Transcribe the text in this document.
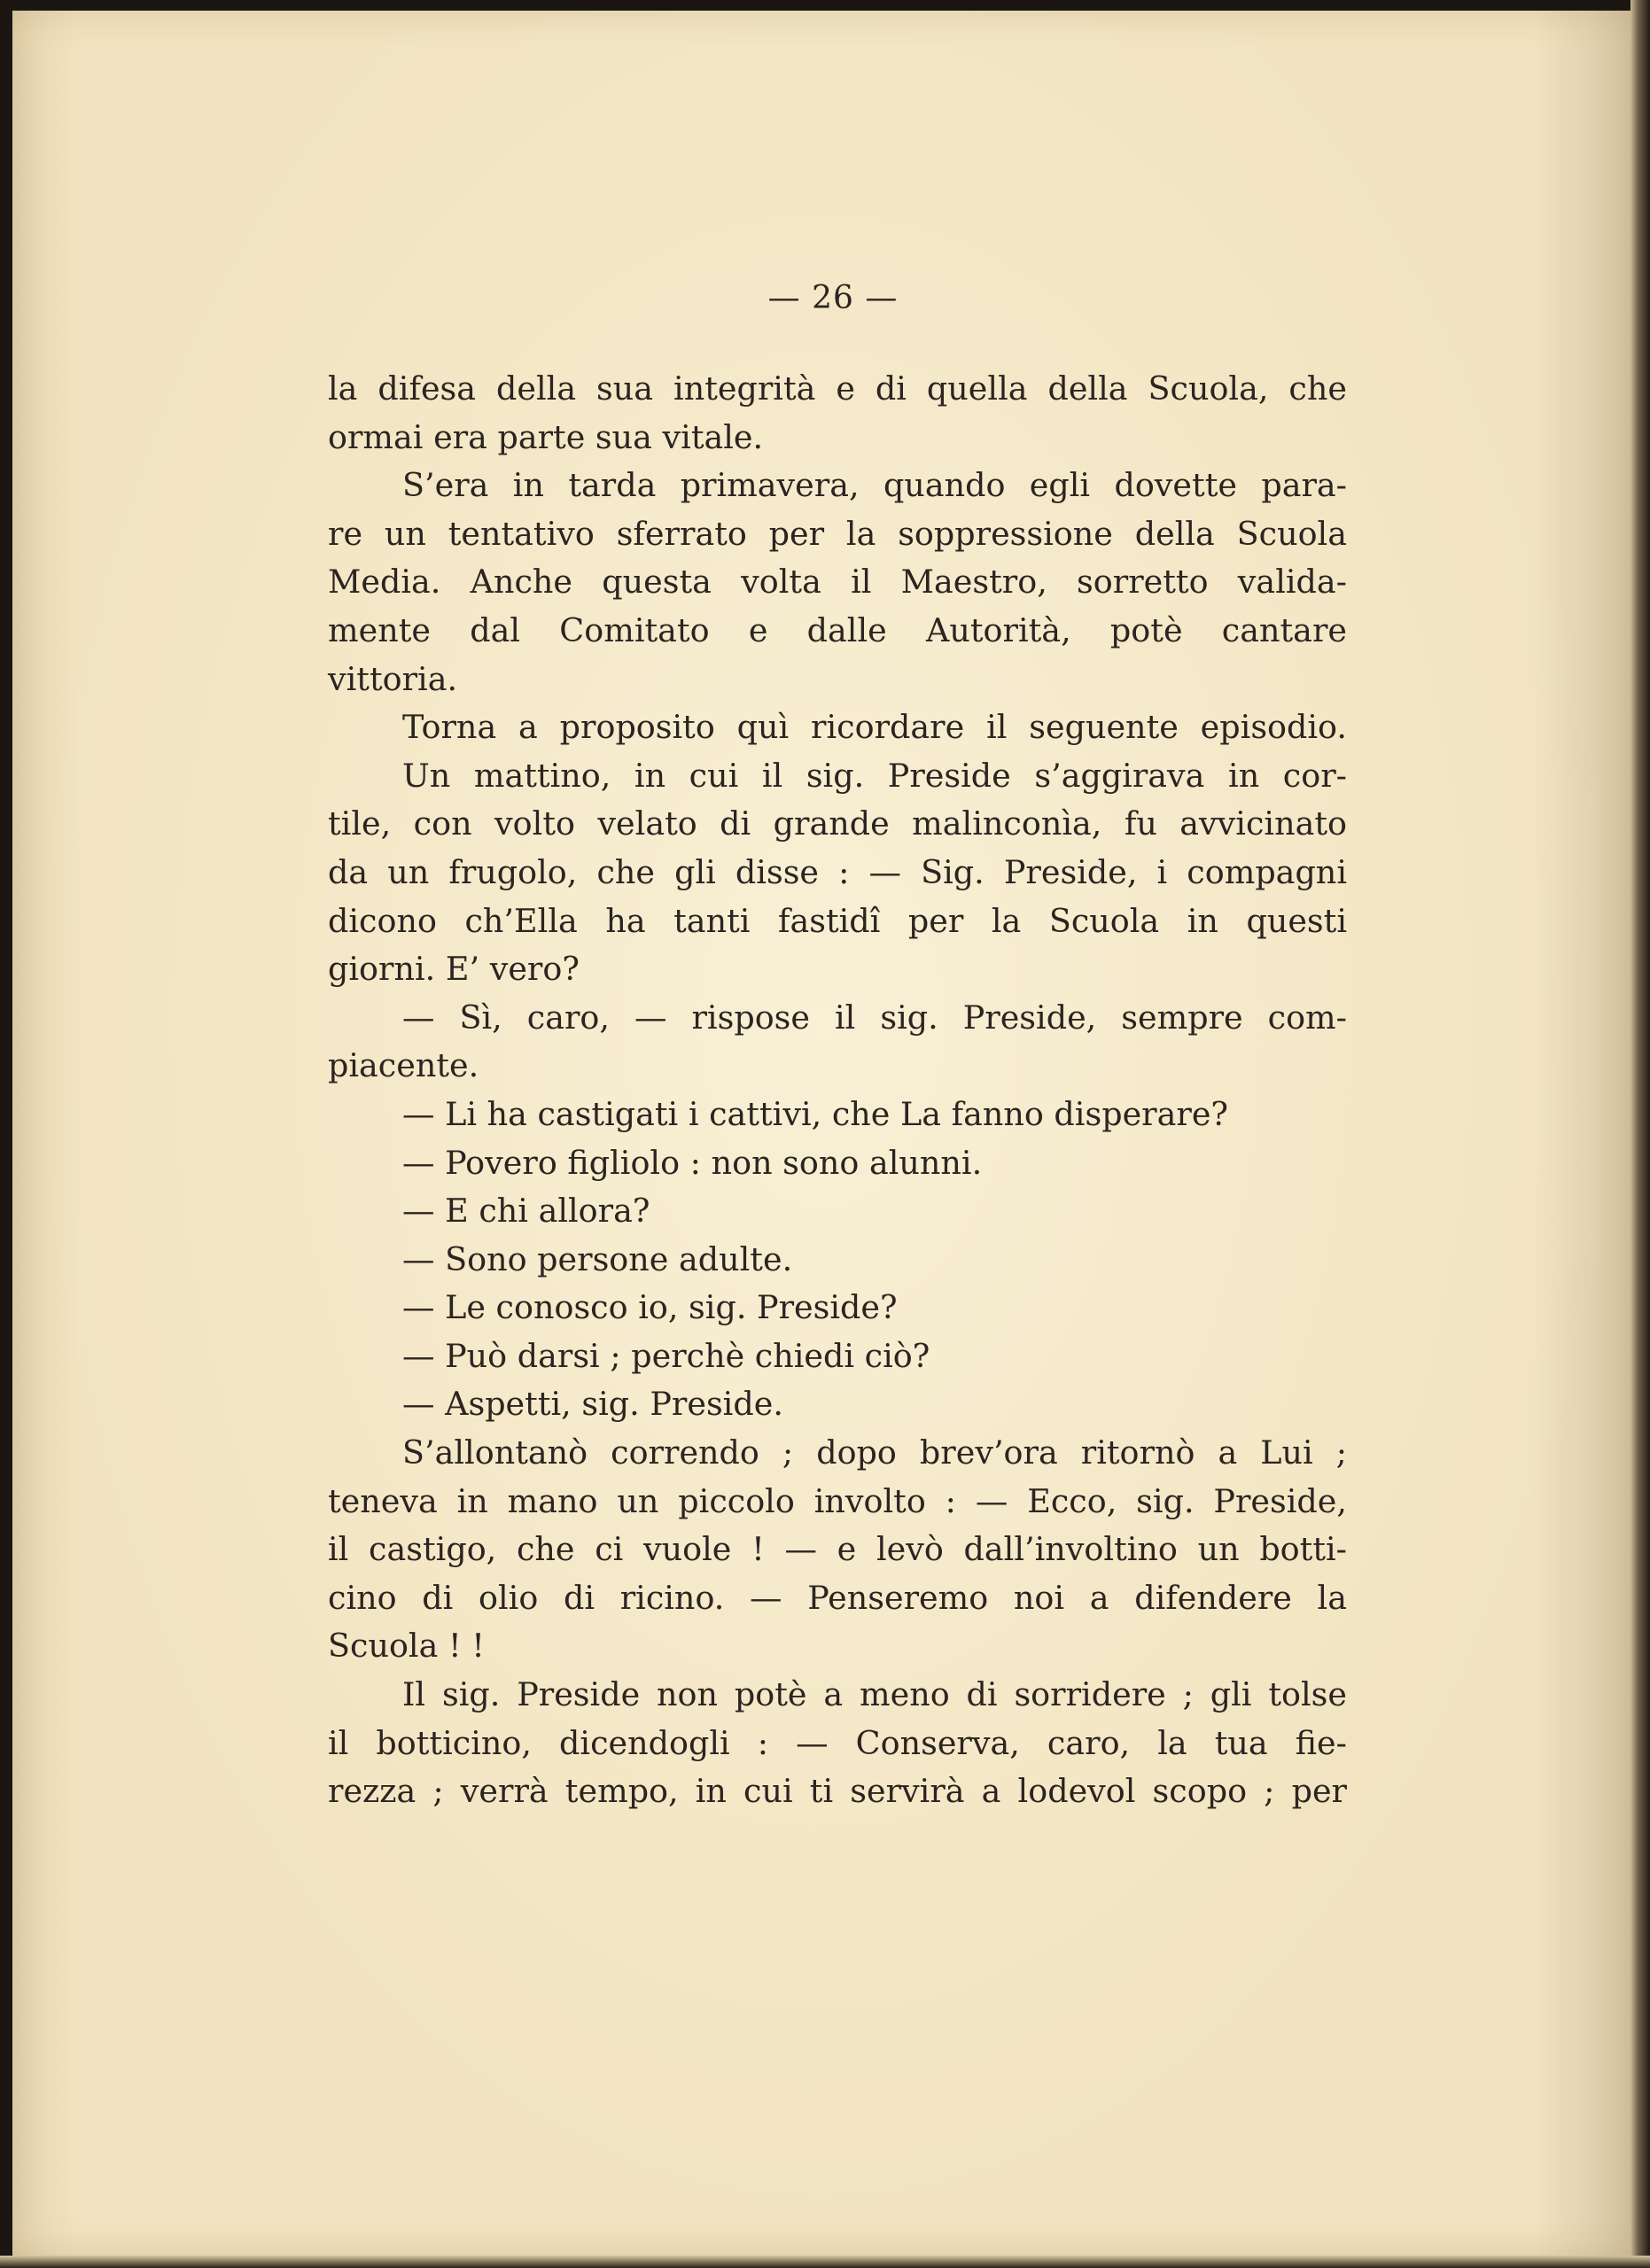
— 26 —
la difesa della sua integrità e di quella della Scuola, che
ormai era parte sua vitale.
S’era in tarda primavera, quando egli dovette para-
re un tentativo sferrato per la soppressione della Scuola
Media. Anche questa volta il Maestro, sorretto valida-
mente dal Comitato e dalle Autorità, potè cantare
vittoria.
Torna a proposito quì ricordare il seguente episodio.
Un mattino, in cui il sig. Preside s’aggirava in cor-
tile, con volto velato di grande malinconìa, fu avvicinato
da un frugolo, che gli disse : — Sig. Preside, i compagni
dicono ch’Ella ha tanti fastidî per la Scuola in questi
giorni. E’ vero?
— Sì, caro, — rispose il sig. Preside, sempre com-
piacente.
— Li ha castigati i cattivi, che La fanno disperare?
— Povero figliolo : non sono alunni.
— E chi allora?
— Sono persone adulte.
— Le conosco io, sig. Preside?
— Può darsi ; perchè chiedi ciò?
— Aspetti, sig. Preside.
S’allontanò correndo ; dopo brev’ora ritornò a Lui ;
teneva in mano un piccolo involto : — Ecco, sig. Preside,
il castigo, che ci vuole ! — e levò dall’involtino un botti-
cino di olio di ricino. — Penseremo noi a difendere la
Scuola ! !
Il sig. Preside non potè a meno di sorridere ; gli tolse
il botticino, dicendogli : — Conserva, caro, la tua fie-
rezza ; verrà tempo, in cui ti servirà a lodevol scopo ; per
